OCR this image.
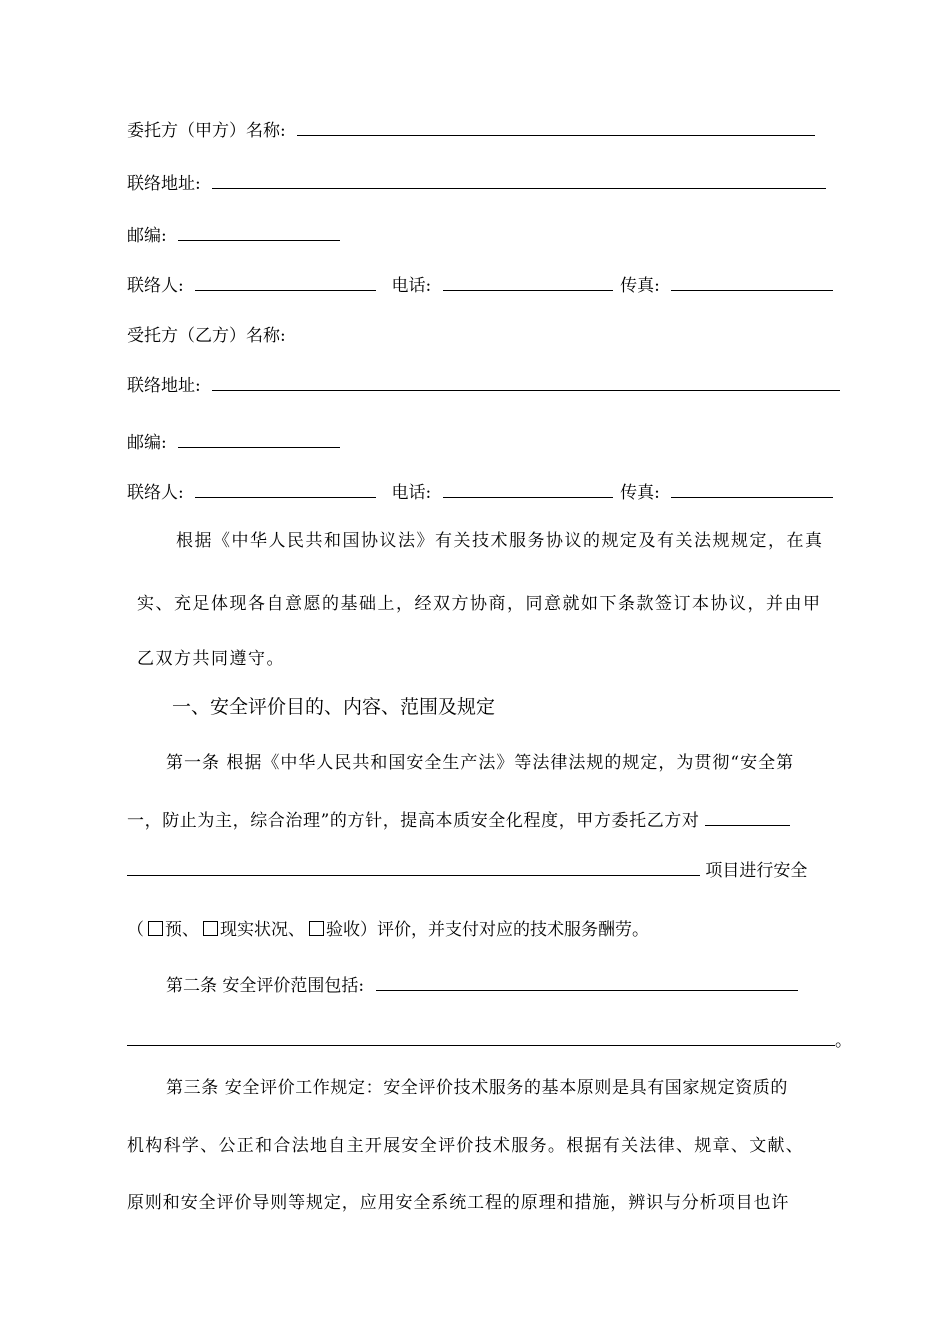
委托方（甲方）名称:
联络地址:
邮编:
联络人:	电话:	传真:
受托方（乙方）名称:
联络地址:
邮编:
联络人:	电话:	传真:
根据《中华人民共和国协议法》有关技术服务协议的规定及有关法规规定，在真
实、充足体现各自意愿的基础上，经双方协商，同意就如下条款签订本协议，并由甲
乙双方共同遵守。
一、安全评价目的、内容、范围及规定
第一条 根据《中华人民共和国安全生产法》等法律法规的规定，为贯彻“安全第
一，防止为主，综合治理”的方针，提高本质安全化程度，甲方委托乙方对
项目进行安全
（ 预、 现实状况、 验收）评价，并支付对应的技术服务酬劳。
第二条 安全评价范围包括:
。
第三条 安全评价工作规定：安全评价技术服务的基本原则是具有国家规定资质的
机构科学、公正和合法地自主开展安全评价技术服务。根据有关法律、规章、文献、
原则和安全评价导则等规定，应用安全系统工程的原理和措施，辨识与分析项目也许
